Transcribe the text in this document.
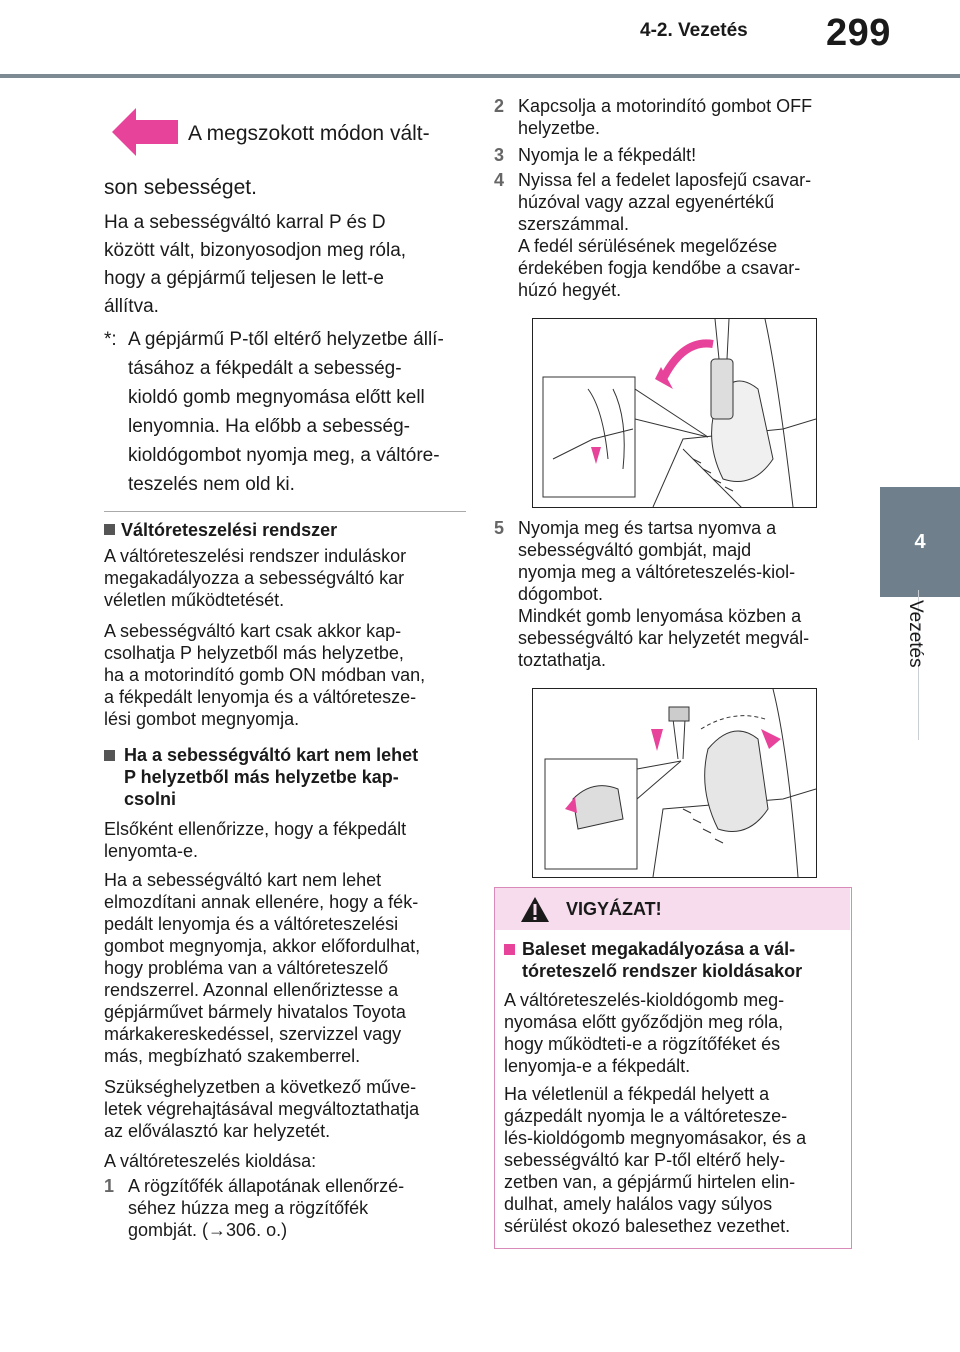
4-2. Vezetés 299
4
Vezetés
A megszokott módon vált-
son sebességet.
Ha a sebességváltó karral P és D
között vált, bizonyosodjon meg róla,
hogy a gépjármű teljesen le lett-e
állítva.
*: A gépjármű P-től eltérő helyzetbe állí-
tásához a fékpedált a sebesség-
kioldó gomb megnyomása előtt kell
lenyomnia. Ha előbb a sebesség-
kioldógombot nyomja meg, a váltóre-
teszelés nem old ki.
Váltóreteszelési rendszer
A váltóreteszelési rendszer induláskor
megakadályozza a sebességváltó kar
véletlen működtetését.
A sebességváltó kart csak akkor kap-
csolhatja P helyzetből más helyzetbe,
ha a motorindító gomb ON módban van,
a fékpedált lenyomja és a váltóretesze-
lési gombot megnyomja.
Ha a sebességváltó kart nem lehet
P helyzetből más helyzetbe kap-
csolni
Elsőként ellenőrizze, hogy a fékpedált
lenyomta-e.
Ha a sebességváltó kart nem lehet
elmozdítani annak ellenére, hogy a fék-
pedált lenyomja és a váltóreteszelési
gombot megnyomja, akkor előfordulhat,
hogy probléma van a váltóreteszelő
rendszerrel. Azonnal ellenőriztesse a
gépjárművet bármely hivatalos Toyota
márkakereskedéssel, szervizzel vagy
más, megbízható szakemberrel.
Szükséghelyzetben a következő műve-
letek végrehajtásával megváltoztathatja
az előválasztó kar helyzetét.
A váltóreteszelés kioldása:
1 A rögzítőfék állapotának ellenőrzé-
séhez húzza meg a rögzítőfék
gombját. (→306. o.)
2 Kapcsolja a motorindító gombot OFF
helyzetbe.
3 Nyomja le a fékpedált!
4 Nyissa fel a fedelet laposfejű csavar-
húzóval vagy azzal egyenértékű
szerszámmal.
A fedél sérülésének megelőzése
érdekében fogja kendőbe a csavar-
húzó hegyét.
5 Nyomja meg és tartsa nyomva a
sebességváltó gombját, majd
nyomja meg a váltóreteszelés-kiol-
dógombot.
Mindkét gomb lenyomása közben a
sebességváltó kar helyzetét megvál-
toztathatja.
VIGYÁZAT!
Baleset megakadályozása a vál-
tóreteszelő rendszer kioldásakor
A váltóreteszelés-kioldógomb meg-
nyomása előtt győződjön meg róla,
hogy működteti-e a rögzítőféket és
lenyomja-e a fékpedált.
Ha véletlenül a fékpedál helyett a
gázpedált nyomja le a váltóretesze-
lés-kioldógomb megnyomásakor, és a
sebességváltó kar P-től eltérő hely-
zetben van, a gépjármű hirtelen elin-
dulhat, amely halálos vagy súlyos
sérülést okozó balesethez vezethet.
